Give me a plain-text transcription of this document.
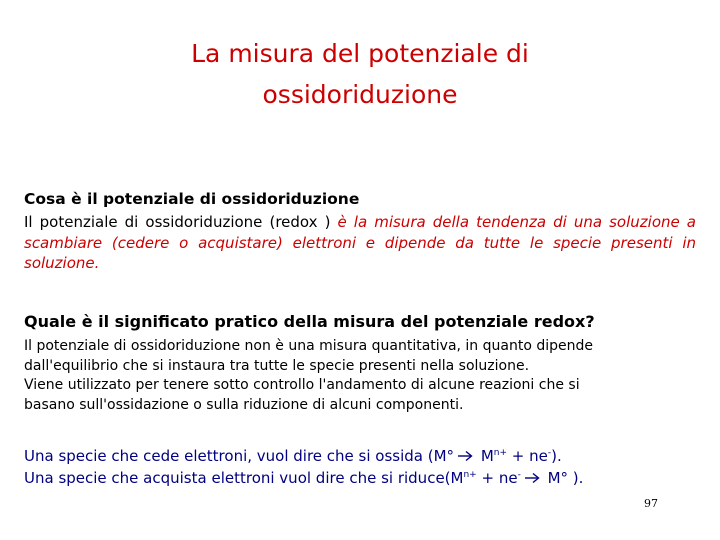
La misura del potenziale di
ossidoriduzione
Cosa è il potenziale di ossidoriduzione
Il potenziale di ossidoriduzione (redox ) è la misura della tendenza di una soluzione a scambiare (cedere o acquistare) elettroni e dipende da tutte le specie presenti in soluzione.
Quale è il significato pratico della misura del potenziale redox?
Il potenziale di ossidoriduzione non è una misura quantitativa, in quanto dipende
dall'equilibrio che si instaura tra tutte le specie presenti nella soluzione.
Viene utilizzato per tenere sotto controllo l'andamento di alcune reazioni che si
basano sull'ossidazione o sulla riduzione di alcuni componenti.
Una specie che cede elettroni, vuol dire che si ossida (M° $M^{n+} + ne^-$).
Una specie che acquista elettroni vuol dire che si $riduce(M^{n+} + ne^-$ M° ).
97
